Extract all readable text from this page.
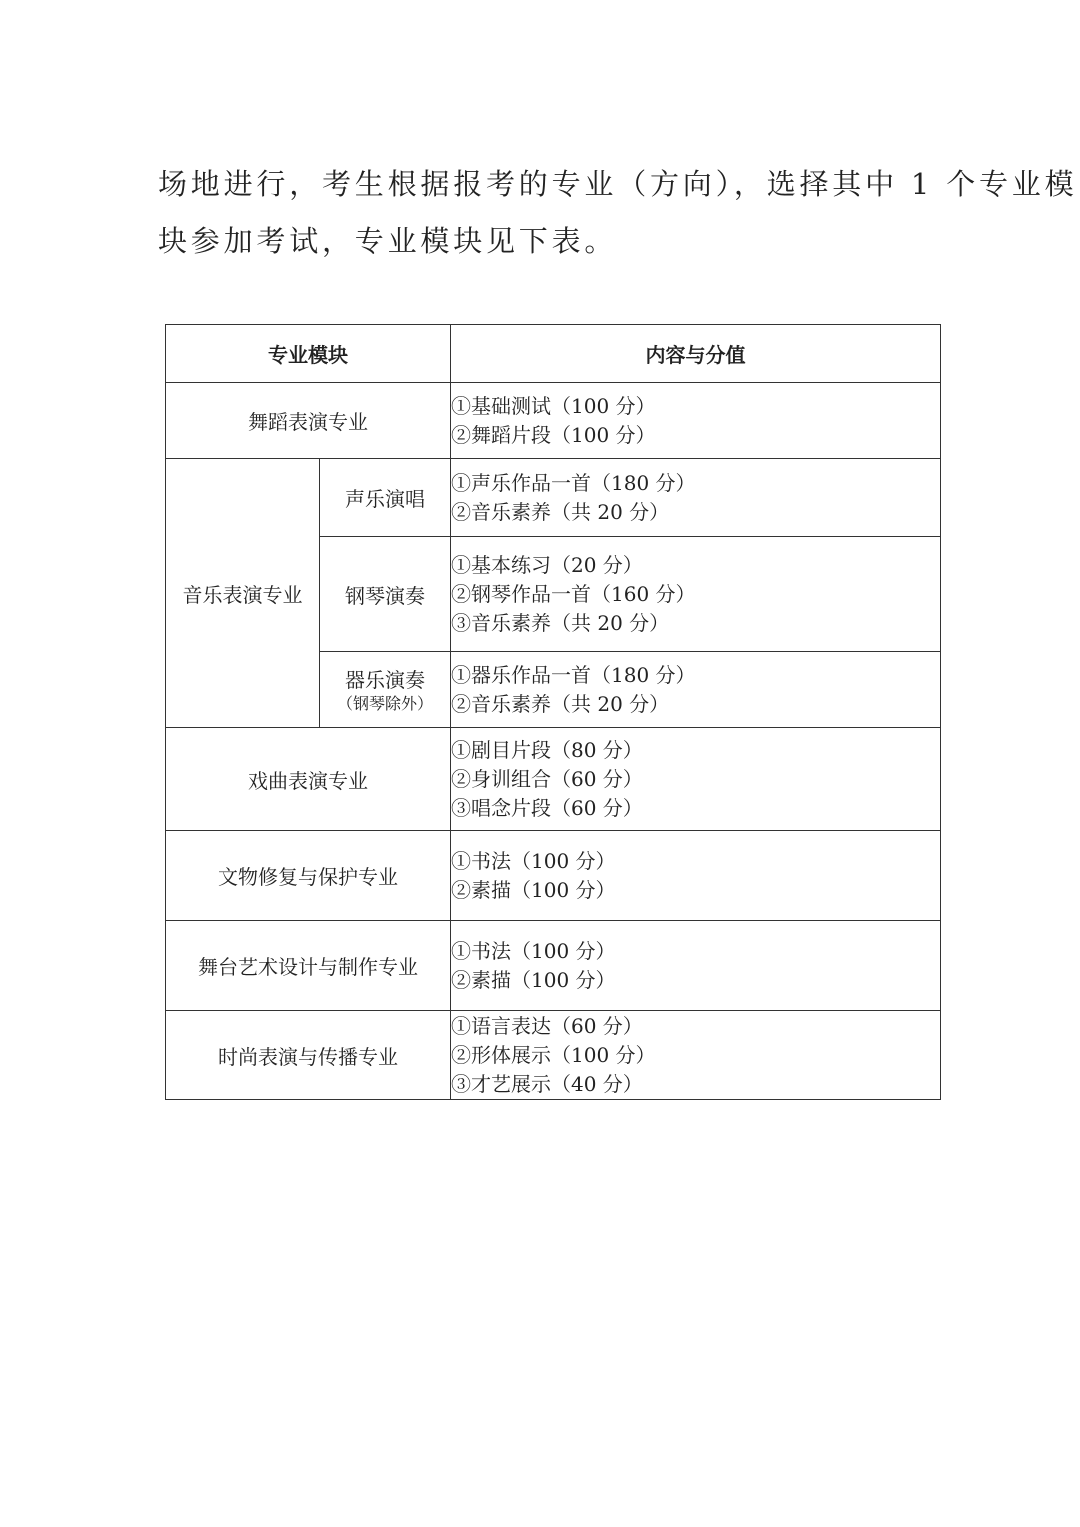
场地进行，考生根据报考的专业（方向），选择其中 1 个专业模
块参加考试，专业模块见下表。

专业模块		内容与分值
舞蹈表演专业		①基础测试（100 分）
②舞蹈片段（100 分）

音乐表演专业	声乐演唱	①声乐作品一首（180 分）
②音乐素养（共 20 分）

	钢琴演奏	①基本练习（20 分）
②钢琴作品一首（160 分）
③音乐素养（共 20 分）

	器乐演奏
（钢琴除外）	①器乐作品一首（180 分）
②音乐素养（共 20 分）

戏曲表演专业		①剧目片段（80 分）
②身训组合（60 分）
③唱念片段（60 分）

文物修复与保护专业		①书法（100 分）
②素描（100 分）

舞台艺术设计与制作专业		①书法（100 分）
②素描（100 分）

时尚表演与传播专业		①语言表达（60 分）
②形体展示（100 分）
③才艺展示（40 分）
